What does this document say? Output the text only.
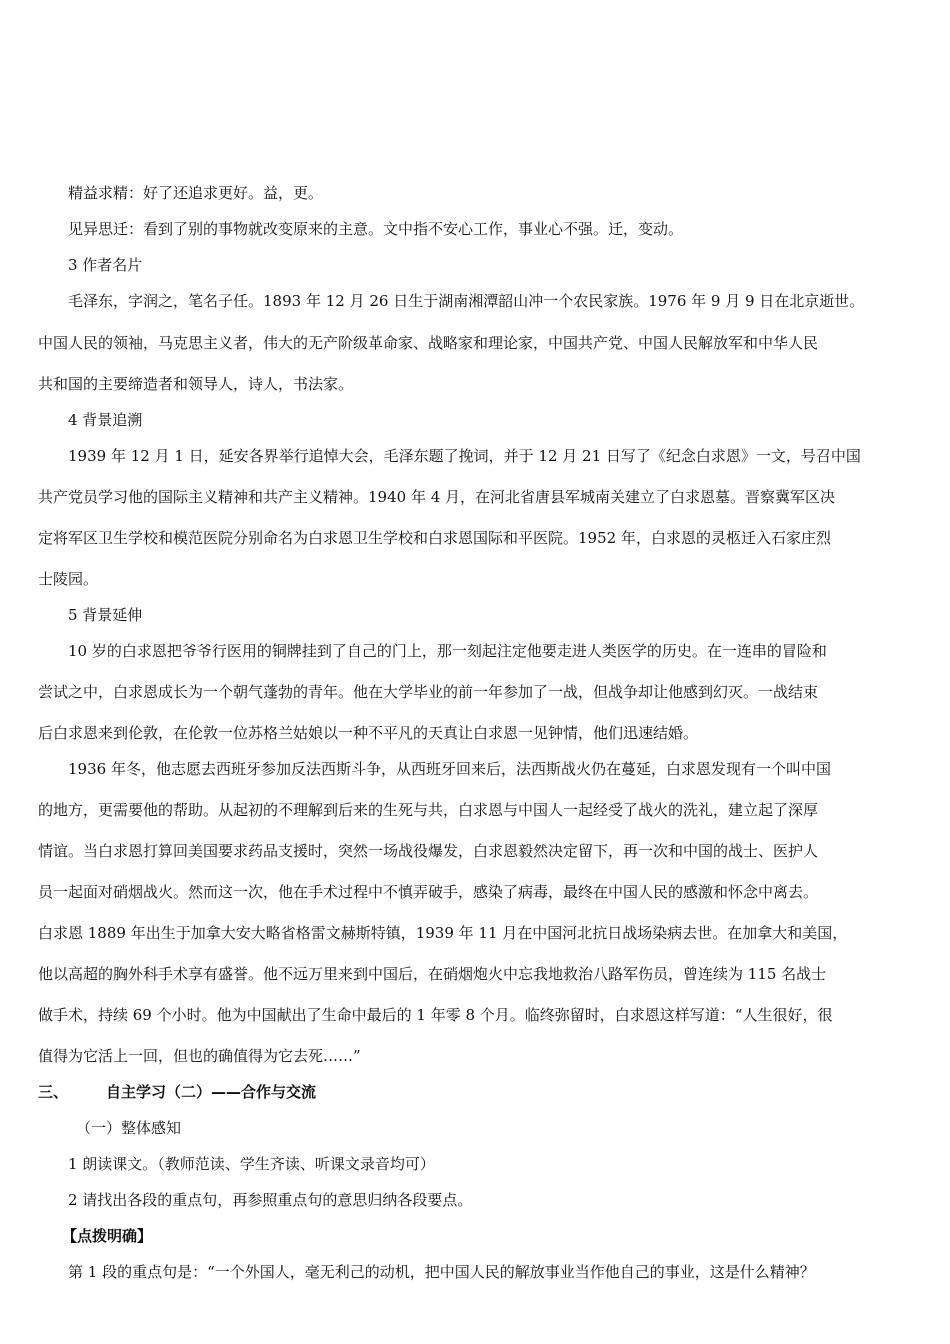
精益求精：好了还追求更好。益，更。
见异思迁：看到了别的事物就改变原来的主意。文中指不安心工作，事业心不强。迁，变动。
3 作者名片
毛泽东，字润之，笔名子任。1893 年 12 月 26 日生于湖南湘潭韶山冲一个农民家族。1976 年 9 月 9 日在北京逝世。
中国人民的领袖，马克思主义者，伟大的无产阶级革命家、战略家和理论家，中国共产党、中国人民解放军和中华人民
共和国的主要缔造者和领导人，诗人，书法家。
4 背景追溯
1939 年 12 月 1 日，延安各界举行追悼大会，毛泽东题了挽词，并于 12 月 21 日写了《纪念白求恩》一文，号召中国
共产党员学习他的国际主义精神和共产主义精神。1940 年 4 月，在河北省唐县军城南关建立了白求恩墓。晋察冀军区决
定将军区卫生学校和模范医院分别命名为白求恩卫生学校和白求恩国际和平医院。1952 年，白求恩的灵柩迁入石家庄烈
士陵园。
5 背景延伸
10 岁的白求恩把爷爷行医用的铜牌挂到了自己的门上，那一刻起注定他要走进人类医学的历史。在一连串的冒险和
尝试之中，白求恩成长为一个朝气蓬勃的青年。他在大学毕业的前一年参加了一战，但战争却让他感到幻灭。一战结束
后白求恩来到伦敦，在伦敦一位苏格兰姑娘以一种不平凡的天真让白求恩一见钟情，他们迅速结婚。
1936 年冬，他志愿去西班牙参加反法西斯斗争，从西班牙回来后，法西斯战火仍在蔓延，白求恩发现有一个叫中国
的地方，更需要他的帮助。从起初的不理解到后来的生死与共，白求恩与中国人一起经受了战火的洗礼，建立起了深厚
情谊。当白求恩打算回美国要求药品支援时，突然一场战役爆发，白求恩毅然决定留下，再一次和中国的战士、医护人
员一起面对硝烟战火。然而这一次，他在手术过程中不慎弄破手，感染了病毒，最终在中国人民的感激和怀念中离去。
白求恩 1889 年出生于加拿大安大略省格雷文赫斯特镇，1939 年 11 月在中国河北抗日战场染病去世。在加拿大和美国，
他以高超的胸外科手术享有盛誉。他不远万里来到中国后，在硝烟炮火中忘我地救治八路军伤员，曾连续为 115 名战士
做手术，持续 69 个小时。他为中国献出了生命中最后的 1 年零 8 个月。临终弥留时，白求恩这样写道：“人生很好，很
值得为它活上一回，但也的确值得为它去死……”
三、	自主学习（二）——合作与交流
（一）整体感知
1 朗读课文。（教师范读、学生齐读、听课文录音均可）
2 请找出各段的重点句，再参照重点句的意思归纳各段要点。
【点拨明确】
第 1 段的重点句是：“一个外国人，毫无利己的动机，把中国人民的解放事业当作他自己的事业，这是什么精神？
